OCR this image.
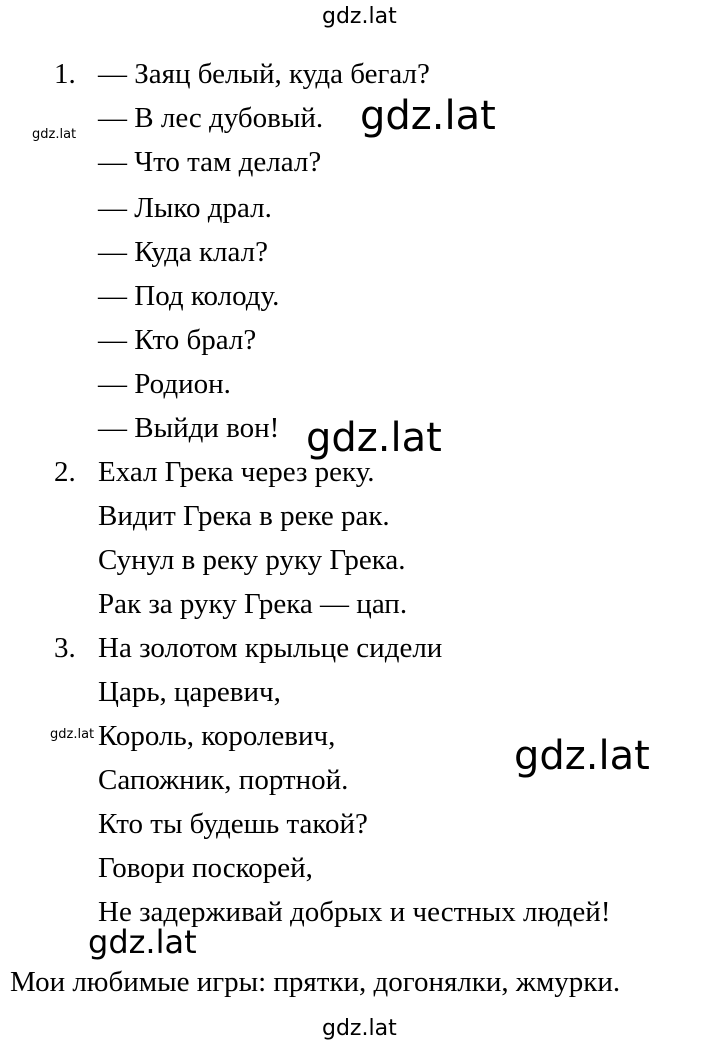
gdz.lat
gdz.lat	gdz.lat
gdz.lat
gdz.lat	gdz.lat
gdz.lat
gdz.lat
1. — Заяц белый, куда бегал?
— В лес дубовый.
— Что там делал?
— Лыко драл.
— Куда клал?
— Под колоду.
— Кто брал?
— Родион.
— Выйди вон!
2. Ехал Грека через реку.
Видит Грека в реке рак.
Сунул в реку руку Грека.
Рак за руку Грека — цап.
3. На золотом крыльце сидели
Царь, царевич,
Король, королевич,
Сапожник, портной.
Кто ты будешь такой?
Говори поскорей,
Не задерживай добрых и честных людей!
Мои любимые игры: прятки, догонялки, жмурки.
